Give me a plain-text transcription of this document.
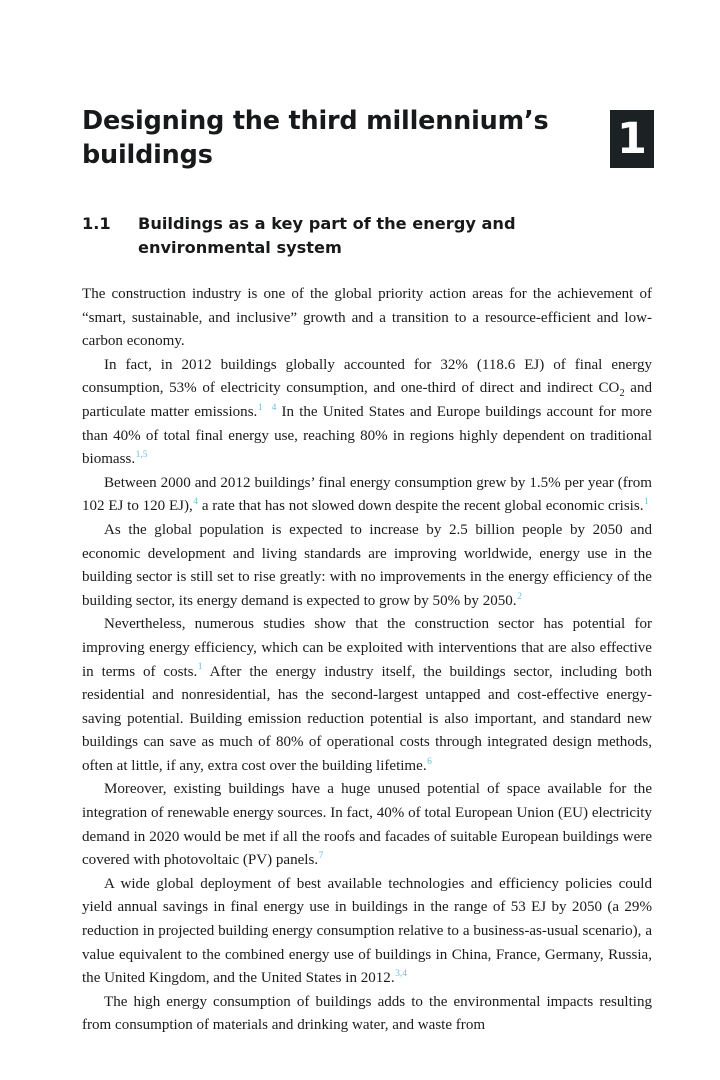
Designing the third millennium’s buildings	1
1.1	Buildings as a key part of the energy and environmental system

The construction industry is one of the global priority action areas for the achievement of “smart, sustainable, and inclusive” growth and a transition to a resource-efficient and low-carbon economy.

In fact, in 2012 buildings globally accounted for 32% (118.6 EJ) of final energy consumption, 53% of electricity consumption, and one-third of direct and indirect $CO_2$ and particulate matter emissions.$^{1 4}$ In the United States and Europe buildings account for more than 40% of total final energy use, reaching 80% in regions highly dependent on traditional biomass.$^{1,5}$

Between 2000 and 2012 buildings’ final energy consumption grew by 1.5% per year (from 102 EJ to 120 EJ),$^4$ a rate that has not slowed down despite the recent global economic crisis.$^1$

As the global population is expected to increase by 2.5 billion people by 2050 and economic development and living standards are improving worldwide, energy use in the building sector is still set to rise greatly: with no improvements in the energy efficiency of the building sector, its energy demand is expected to grow by 50% by 2050.$^2$

Nevertheless, numerous studies show that the construction sector has potential for improving energy efficiency, which can be exploited with interventions that are also effective in terms of costs.$^1$ After the energy industry itself, the buildings sector, including both residential and nonresidential, has the second-largest untapped and cost-effective energy-saving potential. Building emission reduction potential is also important, and standard new buildings can save as much of 80% of operational costs through integrated design methods, often at little, if any, extra cost over the building lifetime.$^6$

Moreover, existing buildings have a huge unused potential of space available for the integration of renewable energy sources. In fact, 40% of total European Union (EU) electricity demand in 2020 would be met if all the roofs and facades of suitable European buildings were covered with photovoltaic (PV) panels.$^7$

A wide global deployment of best available technologies and efficiency policies could yield annual savings in final energy use in buildings in the range of 53 EJ by 2050 (a 29% reduction in projected building energy consumption relative to a business-as-usual scenario), a value equivalent to the combined energy use of buildings in China, France, Germany, Russia, the United Kingdom, and the United States in 2012.$^{3,4}$

The high energy consumption of buildings adds to the environmental impacts resulting from consumption of materials and drinking water, and waste from
